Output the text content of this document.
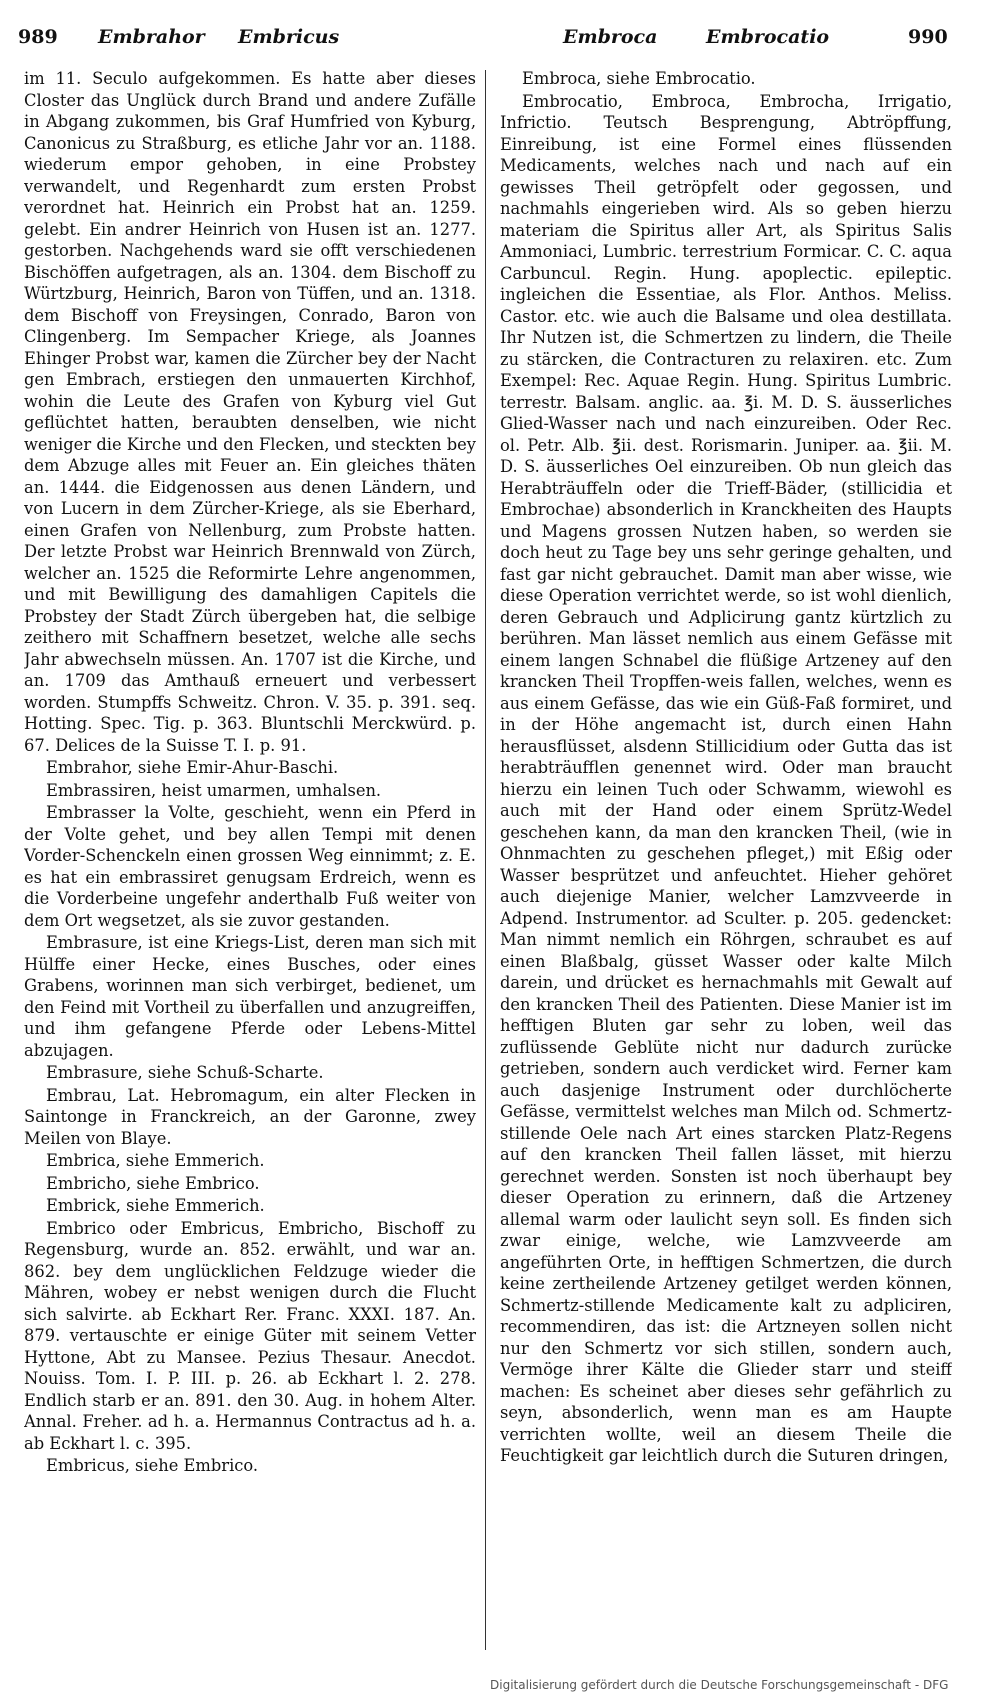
989 Embrahor Embricus	Embroca	Embrocatio	990

im 11. Seculo aufgekommen. Es hatte aber dieses Closter das Unglück durch Brand und andere Zufälle in Abgang zukommen, bis Graf Humfried von Kyburg, Canonicus zu Straßburg, es etliche Jahr vor an. 1188. wiederum empor gehoben, in eine Probstey verwandelt, und Regenhardt zum ersten Probst verordnet hat. Heinrich ein Probst hat an. 1259. gelebt. Ein andrer Heinrich von Husen ist an. 1277. gestorben. Nachgehends ward sie offt verschiedenen Bischöffen aufgetragen, als an. 1304. dem Bischoff zu Würtzburg, Heinrich, Baron von Tüffen, und an. 1318. dem Bischoff von Freysingen, Conrado, Baron von Clingenberg. Im Sempacher Kriege, als Joannes Ehinger Probst war, kamen die Zürcher bey der Nacht gen Embrach, erstiegen den unmauerten Kirchhof, wohin die Leute des Grafen von Kyburg viel Gut geflüchtet hatten, beraubten denselben, wie nicht weniger die Kirche und den Flecken, und steckten bey dem Abzuge alles mit Feuer an. Ein gleiches thäten an. 1444. die Eidgenossen aus denen Ländern, und von Lucern in dem Zürcher-Kriege, als sie Eberhard, einen Grafen von Nellenburg, zum Probste hatten. Der letzte Probst war Heinrich Brennwald von Zürch, welcher an. 1525 die Reformirte Lehre angenommen, und mit Bewilligung des damahligen Capitels die Probstey der Stadt Zürch übergeben hat, die selbige zeithero mit Schaffnern besetzet, welche alle sechs Jahr abwechseln müssen. An. 1707 ist die Kirche, und an. 1709 das Amthauß erneuert und verbessert worden. Stumpffs Schweitz. Chron. V. 35. p. 391. seq. Hotting. Spec. Tig. p. 363. Bluntschli Merckwürd. p. 67. Delices de la Suisse T. I. p. 91.

Embrahor, siehe Emir-Ahur-Baschi.

Embrassiren, heist umarmen, umhalsen.

Embrasser la Volte, geschieht, wenn ein Pferd in der Volte gehet, und bey allen Tempi mit denen Vorder-Schenckeln einen grossen Weg einnimmt; z. E. es hat ein embrassiret genugsam Erdreich, wenn es die Vorderbeine ungefehr anderthalb Fuß weiter von dem Ort wegsetzet, als sie zuvor gestanden.

Embrasure, ist eine Kriegs-List, deren man sich mit Hülffe einer Hecke, eines Busches, oder eines Grabens, worinnen man sich verbirget, bedienet, um den Feind mit Vortheil zu überfallen und anzugreiffen, und ihm gefangene Pferde oder Lebens-Mittel abzujagen.

Embrasure, siehe Schuß-Scharte.

Embrau, Lat. Hebromagum, ein alter Flecken in Saintonge in Franckreich, an der Garonne, zwey Meilen von Blaye.

Embrica, siehe Emmerich.

Embricho, siehe Embrico.

Embrick, siehe Emmerich.

Embrico oder Embricus, Embricho, Bischoff zu Regensburg, wurde an. 852. erwählt, und war an. 862. bey dem unglücklichen Feldzuge wieder die Mähren, wobey er nebst wenigen durch die Flucht sich salvirte. ab Eckhart Rer. Franc. XXXI. 187. An. 879. vertauschte er einige Güter mit seinem Vetter Hyttone, Abt zu Mansee. Pezius Thesaur. Anecdot. Nouiss. Tom. I. P. III. p. 26. ab Eckhart l. 2. 278. Endlich starb er an. 891. den 30. Aug. in hohem Alter. Annal. Freher. ad h. a. Hermannus Contractus ad h. a. ab Eckhart l. c. 395.

Embricus, siehe Embrico.

Embroca, siehe Embrocatio.

Embrocatio, Embroca, Embrocha, Irrigatio, Infrictio. Teutsch Besprengung, Abtröpffung, Einreibung, ist eine Formel eines flüssenden Medicaments, welches nach und nach auf ein gewisses Theil getröpfelt oder gegossen, und nachmahls eingerieben wird. Als so geben hierzu materiam die Spiritus aller Art, als Spiritus Salis Ammoniaci, Lumbric. terrestrium Formicar. C. C. aqua Carbuncul. Regin. Hung. apoplectic. epileptic. ingleichen die Essentiae, als Flor. Anthos. Meliss. Castor. etc. wie auch die Balsame und olea destillata. Ihr Nutzen ist, die Schmertzen zu lindern, die Theile zu stärcken, die Contracturen zu relaxiren. etc. Zum Exempel: Rec. Aquae Regin. Hung. Spiritus Lumbric. terrestr. Balsam. anglic. aa. ℥i. M. D. S. äusserliches Glied-Wasser nach und nach einzureiben. Oder Rec. ol. Petr. Alb. ℥ii. dest. Rorismarin. Juniper. aa. ℥ii. M. D. S. äusserliches Oel einzureiben. Ob nun gleich das Herabträuffeln oder die Trieff-Bäder, (stillicidia et Embrochae) absonderlich in Kranckheiten des Haupts und Magens grossen Nutzen haben, so werden sie doch heut zu Tage bey uns sehr geringe gehalten, und fast gar nicht gebrauchet. Damit man aber wisse, wie diese Operation verrichtet werde, so ist wohl dienlich, deren Gebrauch und Adplicirung gantz kürtzlich zu berühren. Man lässet nemlich aus einem Gefässe mit einem langen Schnabel die flüßige Artzeney auf den krancken Theil Tropffen-weis fallen, welches, wenn es aus einem Gefässe, das wie ein Güß-Faß formiret, und in der Höhe angemacht ist, durch einen Hahn herausflüsset, alsdenn Stillicidium oder Gutta das ist herabträufflen genennet wird. Oder man braucht hierzu ein leinen Tuch oder Schwamm, wiewohl es auch mit der Hand oder einem Sprütz-Wedel geschehen kann, da man den krancken Theil, (wie in Ohnmachten zu geschehen pfleget,) mit Eßig oder Wasser besprützet und anfeuchtet. Hieher gehöret auch diejenige Manier, welcher Lamzvveerde in Adpend. Instrumentor. ad Sculter. p. 205. gedencket: Man nimmt nemlich ein Röhrgen, schraubet es auf einen Blaßbalg, güsset Wasser oder kalte Milch darein, und drücket es hernachmahls mit Gewalt auf den krancken Theil des Patienten. Diese Manier ist im hefftigen Bluten gar sehr zu loben, weil das zuflüssende Geblüte nicht nur dadurch zurücke getrieben, sondern auch verdicket wird. Ferner kam auch dasjenige Instrument oder durchlöcherte Gefässe, vermittelst welches man Milch od. Schmertz-stillende Oele nach Art eines starcken Platz-Regens auf den krancken Theil fallen lässet, mit hierzu gerechnet werden. Sonsten ist noch überhaupt bey dieser Operation zu erinnern, daß die Artzeney allemal warm oder laulicht seyn soll. Es finden sich zwar einige, welche, wie Lamzvveerde am angeführten Orte, in hefftigen Schmertzen, die durch keine zertheilende Artzeney getilget werden können, Schmertz-stillende Medicamente kalt zu adpliciren, recommendiren, das ist: die Artzneyen sollen nicht nur den Schmertz vor sich stillen, sondern auch, Vermöge ihrer Kälte die Glieder starr und steiff machen: Es scheinet aber dieses sehr gefährlich zu seyn, absonderlich, wenn man es am Haupte verrichten wollte, weil an diesem Theile die Feuchtigkeit gar leichtlich durch die Suturen dringen,

Digitalisierung gefördert durch die Deutsche Forschungsgemeinschaft - DFG
